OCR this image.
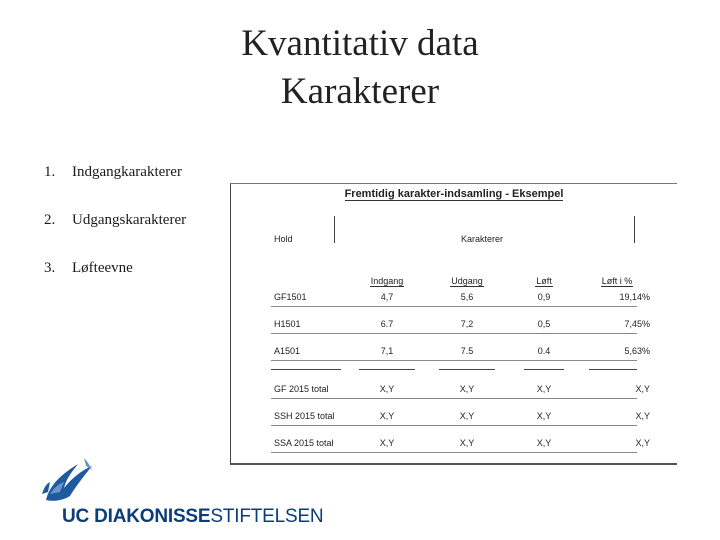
Kvantitativ data
Karakterer
1.	Indgangkarakterer
2.	Udgangskarakterer
3.	Løfteevne
Fremtidig karakter-indsamling - Eksempel
Hold	Karakterer
Indgang	Udgang	Løft	Løft i %
GF1501	4,7	5,6	0,9	19,14%
H1501	6.7	7,2	0,5	7,45%
A1501	7,1	7.5	0.4	5,63%
GF 2015 total	X,Y	X,Y	X,Y	X,Y
SSH 2015 total	X,Y	X,Y	X,Y	X,Y
SSA 2015 total	X,Y	X,Y	X,Y	X,Y
UC DIAKONISSESTIFTELSEN
